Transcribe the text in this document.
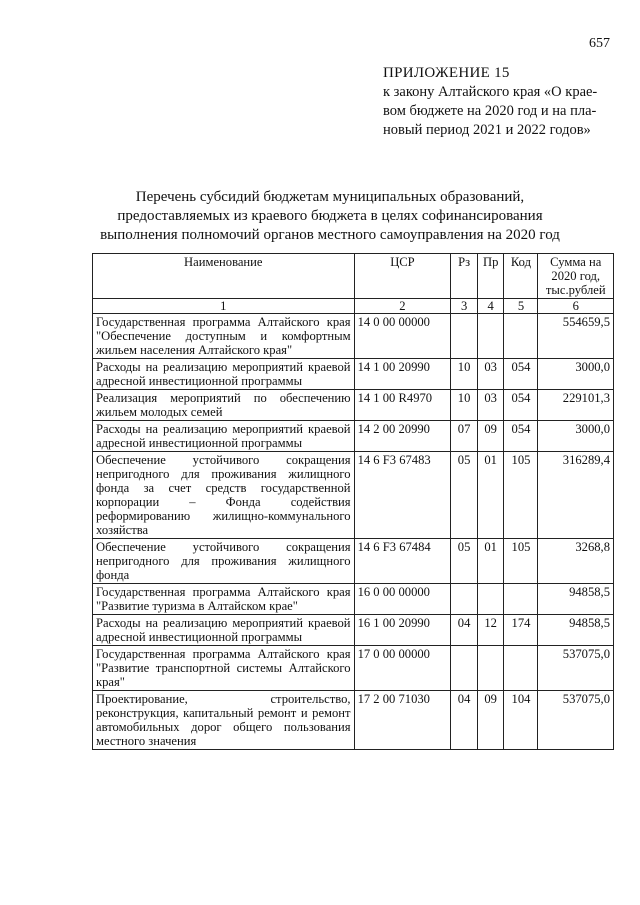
657
ПРИЛОЖЕНИЕ 15
к закону Алтайского края «О крае-
вом бюджете на 2020 год и на пла-
новый период 2021 и 2022 годов»
Перечень субсидий бюджетам муниципальных образований,
предоставляемых из краевого бюджета в целях софинансирования
выполнения полномочий органов местного самоуправления на 2020 год
Наименование	ЦСР	Рз	Пр	Код	Сумма на 2020 год, тыс.рублей
1	2	3	4	5	6
Государственная программа Алтайского края "Обеспечение доступным и комфортным жильем населения Алтайского края"	14 0 00 00000				554659,5
Расходы на реализацию мероприятий краевой адресной инвестиционной программы	14 1 00 20990	10	03	054	3000,0
Реализация мероприятий по обеспечению жильем молодых семей	14 1 00 R4970	10	03	054	229101,3
Расходы на реализацию мероприятий краевой адресной инвестиционной программы	14 2 00 20990	07	09	054	3000,0
Обеспечение устойчивого сокращения непригодного для проживания жилищного фонда за счет средств государственной корпорации – Фонда содействия реформированию жилищно-коммунального хозяйства	14 6 F3 67483	05	01	105	316289,4
Обеспечение устойчивого сокращения непригодного для проживания жилищного фонда	14 6 F3 67484	05	01	105	3268,8
Государственная программа Алтайского края "Развитие туризма в Алтайском крае"	16 0 00 00000				94858,5
Расходы на реализацию мероприятий краевой адресной инвестиционной программы	16 1 00 20990	04	12	174	94858,5
Государственная программа Алтайского края "Развитие транспортной системы Алтайского края"	17 0 00 00000				537075,0
Проектирование, строительство, реконструкция, капитальный ремонт и ремонт автомобильных дорог общего пользования местного значения	17 2 00 71030	04	09	104	537075,0
